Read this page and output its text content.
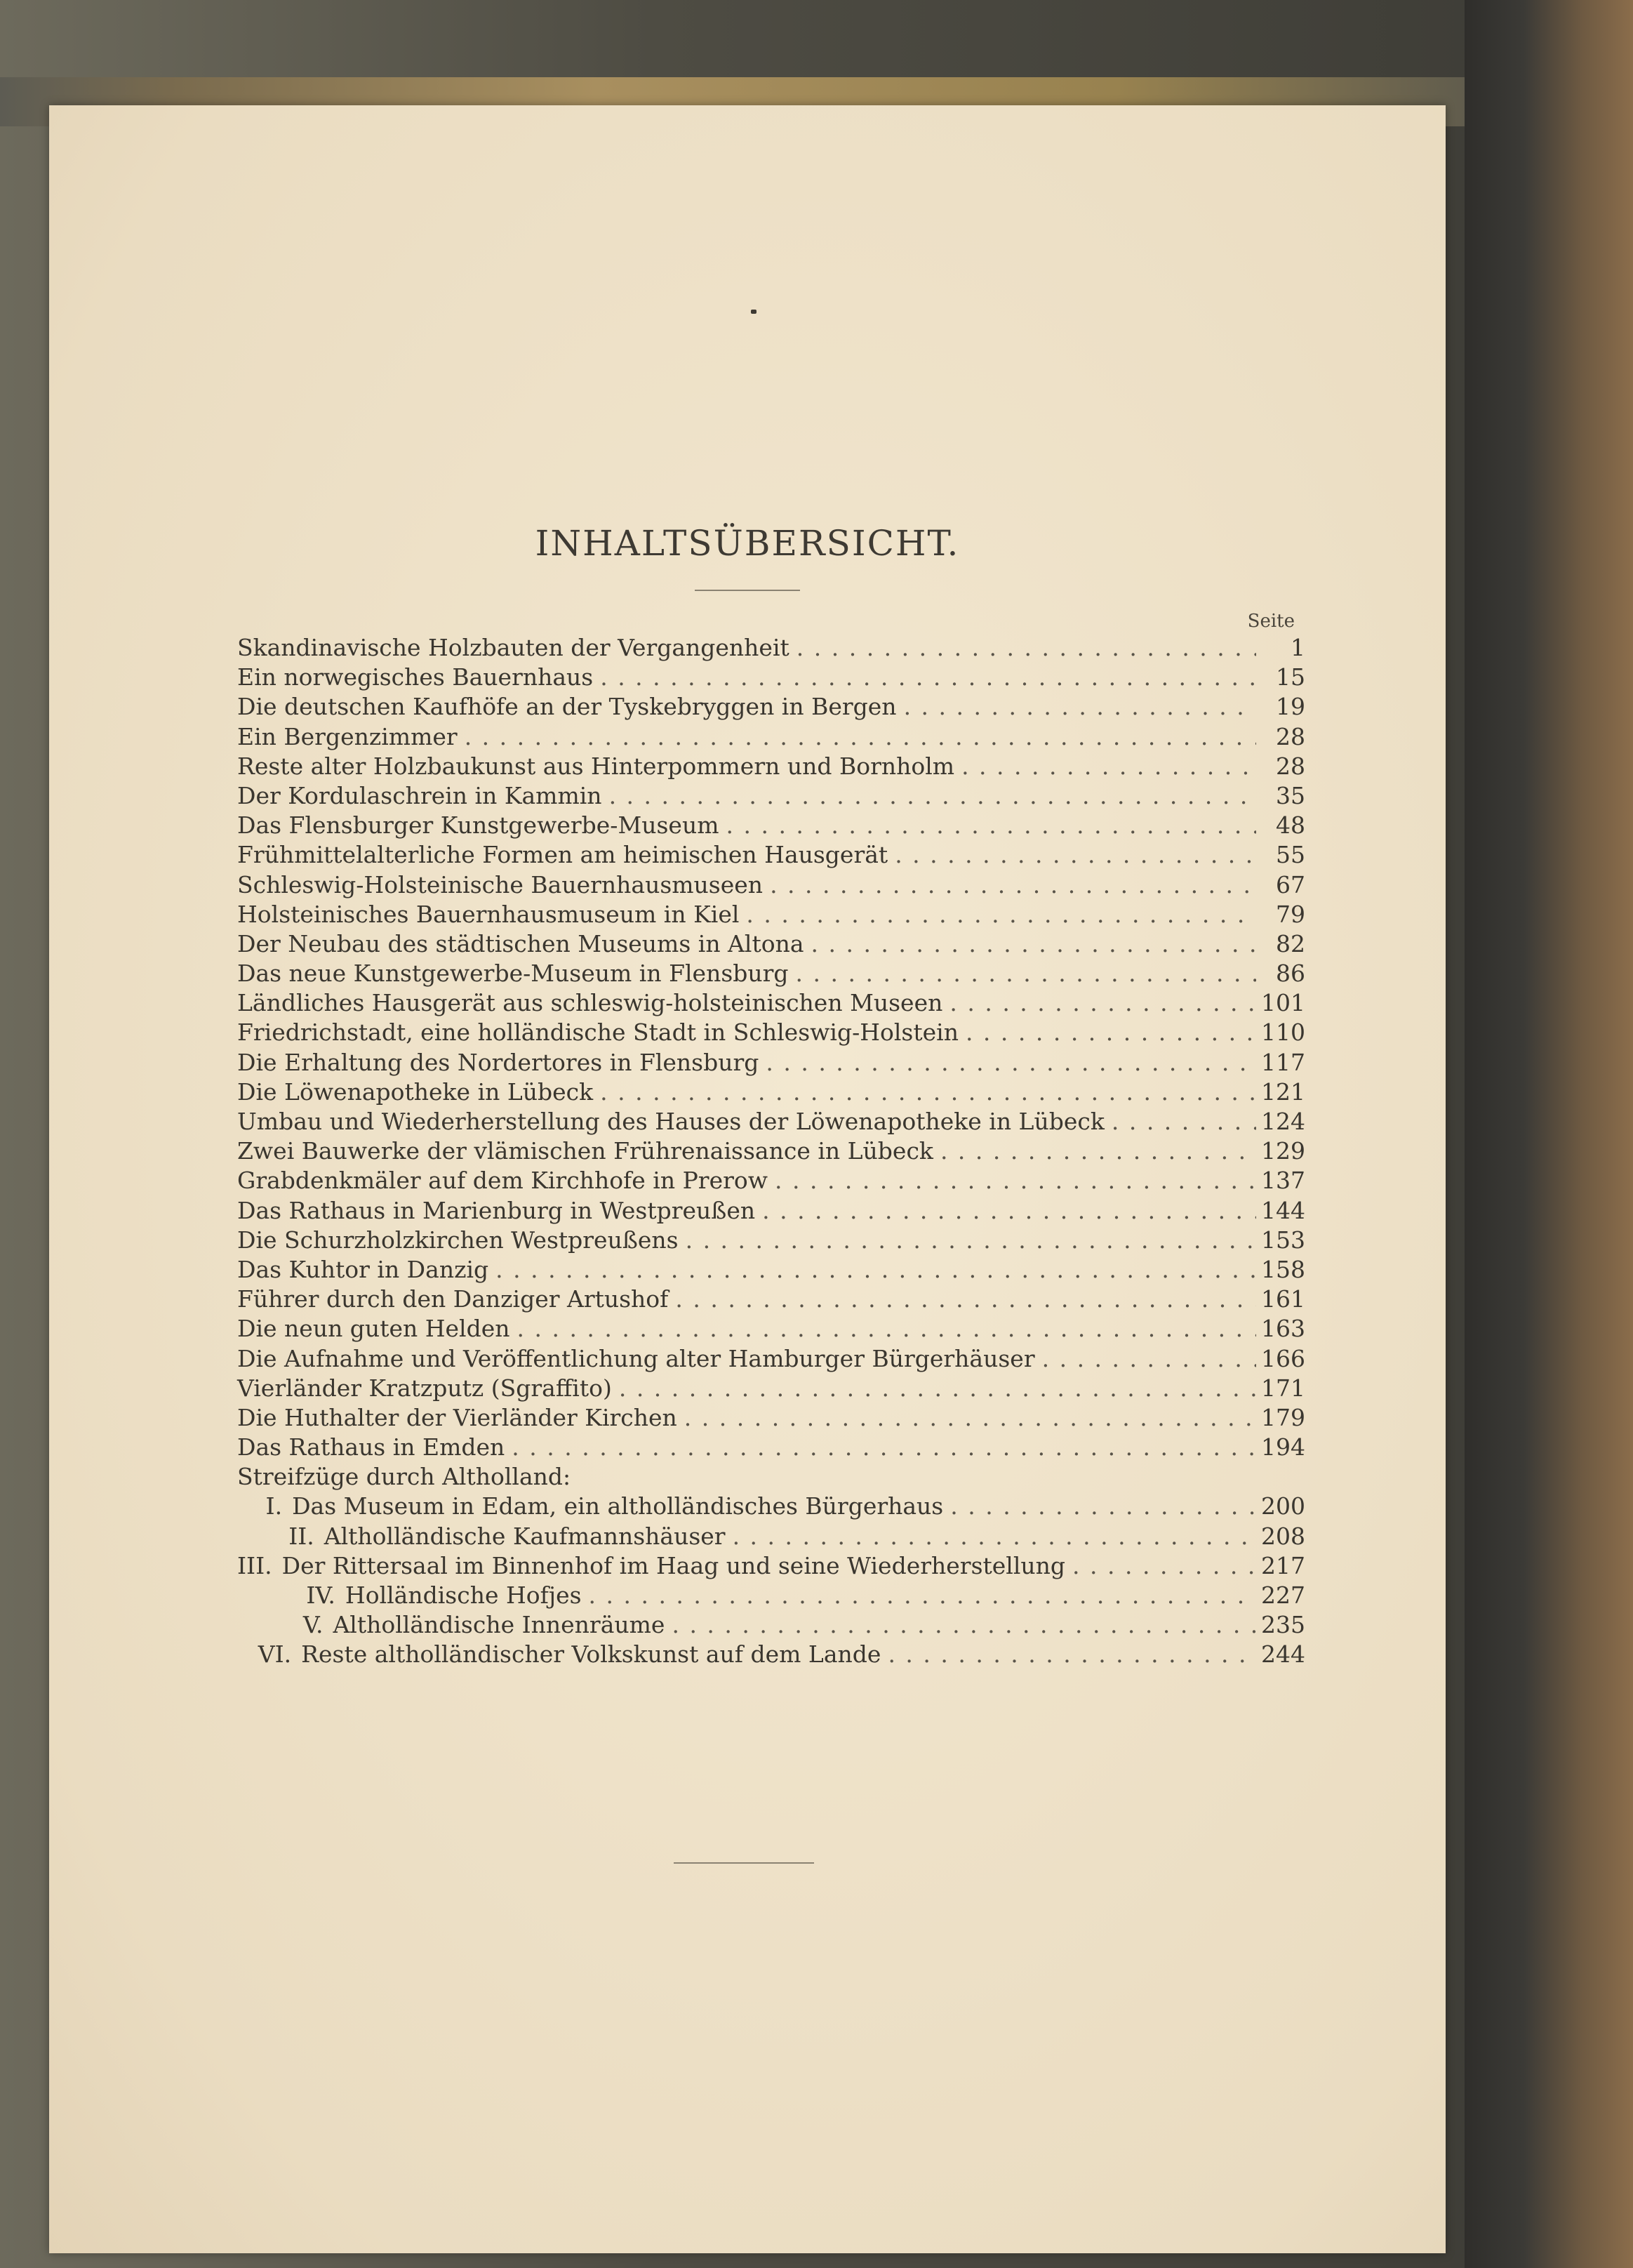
INHALTSÜBERSICHT.
Seite
Skandinavische Holzbauten der Vergangenheit . . .	1
Ein norwegisches Bauernhaus . . .	15
Die deutschen Kaufhöfe an der Tyskebryggen in Bergen . . .	19
Ein Bergenzimmer . . .	28
Reste alter Holzbaukunst aus Hinterpommern und Bornholm . . .	28
Der Kordulaschrein in Kammin . . .	35
Das Flensburger Kunstgewerbe-Museum . . .	48
Frühmittelalterliche Formen am heimischen Hausgerät . . .	55
Schleswig-Holsteinische Bauernhausmuseen . . .	67
Holsteinisches Bauernhausmuseum in Kiel . . .	79
Der Neubau des städtischen Museums in Altona . . .	82
Das neue Kunstgewerbe-Museum in Flensburg . . .	86
Ländliches Hausgerät aus schleswig-holsteinischen Museen . . .	101
Friedrichstadt, eine holländische Stadt in Schleswig-Holstein . . .	110
Die Erhaltung des Nordertores in Flensburg . . .	117
Die Löwenapotheke in Lübeck . . .	121
Umbau und Wiederherstellung des Hauses der Löwenapotheke in Lübeck . . .	124
Zwei Bauwerke der vlämischen Frührenaissance in Lübeck . . .	129
Grabdenkmäler auf dem Kirchhofe in Prerow . . .	137
Das Rathaus in Marienburg in Westpreußen . . .	144
Die Schurzholzkirchen Westpreußens . . .	153
Das Kuhtor in Danzig . . .	158
Führer durch den Danziger Artushof . . .	161
Die neun guten Helden . . .	163
Die Aufnahme und Veröffentlichung alter Hamburger Bürgerhäuser . . .	166
Vierländer Kratzputz (Sgraffito) . . .	171
Die Huthalter der Vierländer Kirchen . . .	179
Das Rathaus in Emden . . .	194
Streifzüge durch Altholland:
I. Das Museum in Edam, ein altholländisches Bürgerhaus . . .	200
II. Altholländische Kaufmannshäuser . . .	208
III. Der Rittersaal im Binnenhof im Haag und seine Wiederherstellung . . .	217
IV. Holländische Hofjes . . .	227
V. Altholländische Innenräume . . .	235
VI. Reste altholländischer Volkskunst auf dem Lande . . .	244
